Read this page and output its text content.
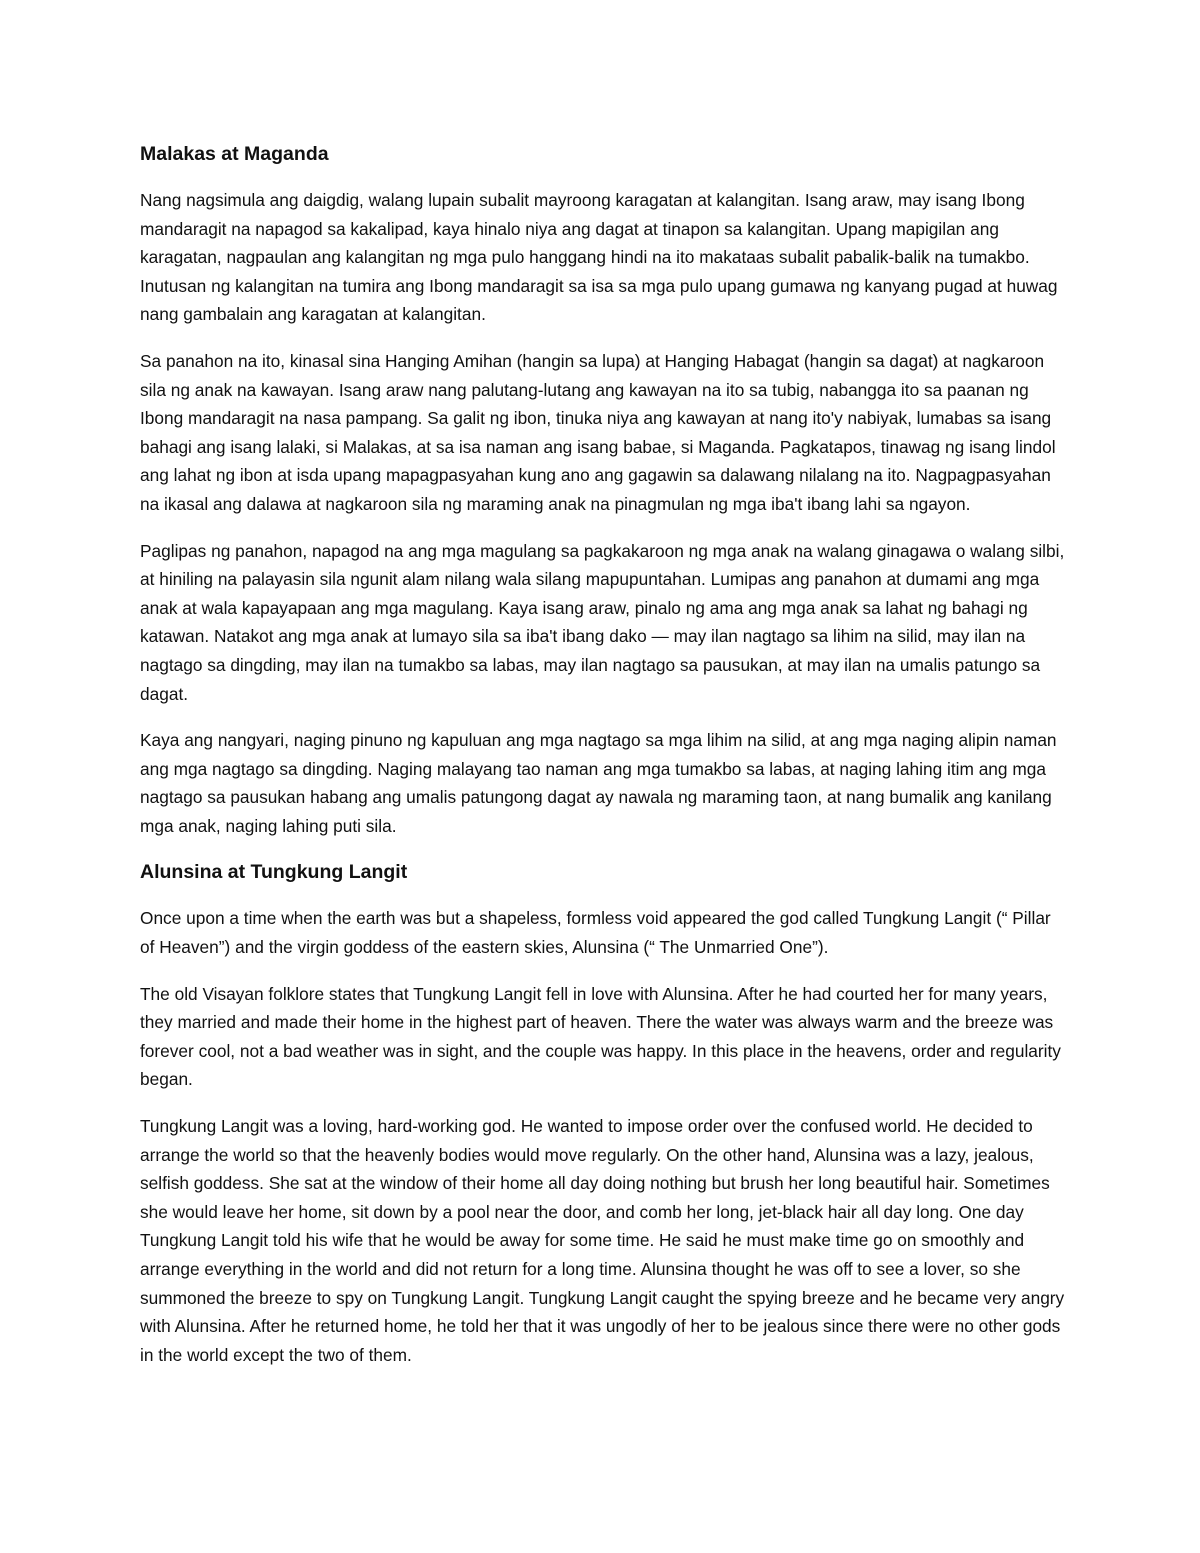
Malakas at Maganda

Nang nagsimula ang daigdig, walang lupain subalit mayroong karagatan at kalangitan. Isang araw, may isang Ibong mandaragit na napagod sa kakalipad, kaya hinalo niya ang dagat at tinapon sa kalangitan. Upang mapigilan ang karagatan, nagpaulan ang kalangitan ng mga pulo hanggang hindi na ito makataas subalit pabalik-balik na tumakbo. Inutusan ng kalangitan na tumira ang Ibong mandaragit sa isa sa mga pulo upang gumawa ng kanyang pugad at huwag nang gambalain ang karagatan at kalangitan.

Sa panahon na ito, kinasal sina Hanging Amihan (hangin sa lupa) at Hanging Habagat (hangin sa dagat) at nagkaroon sila ng anak na kawayan. Isang araw nang palutang-lutang ang kawayan na ito sa tubig, nabangga ito sa paanan ng Ibong mandaragit na nasa pampang. Sa galit ng ibon, tinuka niya ang kawayan at nang ito'y nabiyak, lumabas sa isang bahagi ang isang lalaki, si Malakas, at sa isa naman ang isang babae, si Maganda. Pagkatapos, tinawag ng isang lindol ang lahat ng ibon at isda upang mapagpasyahan kung ano ang gagawin sa dalawang nilalang na ito. Nagpagpasyahan na ikasal ang dalawa at nagkaroon sila ng maraming anak na pinagmulan ng mga iba't ibang lahi sa ngayon.

Paglipas ng panahon, napagod na ang mga magulang sa pagkakaroon ng mga anak na walang ginagawa o walang silbi, at hiniling na palayasin sila ngunit alam nilang wala silang mapupuntahan. Lumipas ang panahon at dumami ang mga anak at wala kapayapaan ang mga magulang. Kaya isang araw, pinalo ng ama ang mga anak sa lahat ng bahagi ng katawan. Natakot ang mga anak at lumayo sila sa iba't ibang dako — may ilan nagtago sa lihim na silid, may ilan na nagtago sa dingding, may ilan na tumakbo sa labas, may ilan nagtago sa pausukan, at may ilan na umalis patungo sa dagat.

Kaya ang nangyari, naging pinuno ng kapuluan ang mga nagtago sa mga lihim na silid, at ang mga naging alipin naman ang mga nagtago sa dingding. Naging malayang tao naman ang mga tumakbo sa labas, at naging lahing itim ang mga nagtago sa pausukan habang ang umalis patungong dagat ay nawala ng maraming taon, at nang bumalik ang kanilang mga anak, naging lahing puti sila.

Alunsina at Tungkung Langit

Once upon a time when the earth was but a shapeless, formless void appeared the god called Tungkung Langit (“ Pillar of Heaven”) and the virgin goddess of the eastern skies, Alunsina (“ The Unmarried One”).

The old Visayan folklore states that Tungkung Langit fell in love with Alunsina. After he had courted her for many years, they married and made their home in the highest part of heaven. There the water was always warm and the breeze was forever cool, not a bad weather was in sight, and the couple was happy. In this place in the heavens, order and regularity began.

Tungkung Langit was a loving, hard-working god. He wanted to impose order over the confused world. He decided to arrange the world so that the heavenly bodies would move regularly. On the other hand, Alunsina was a lazy, jealous, selfish goddess. She sat at the window of their home all day doing nothing but brush her long beautiful hair. Sometimes she would leave her home, sit down by a pool near the door, and comb her long, jet-black hair all day long. One day Tungkung Langit told his wife that he would be away for some time. He said he must make time go on smoothly and arrange everything in the world and did not return for a long time. Alunsina thought he was off to see a lover, so she summoned the breeze to spy on Tungkung Langit. Tungkung Langit caught the spying breeze and he became very angry with Alunsina. After he returned home, he told her that it was ungodly of her to be jealous since there were no other gods in the world except the two of them.
